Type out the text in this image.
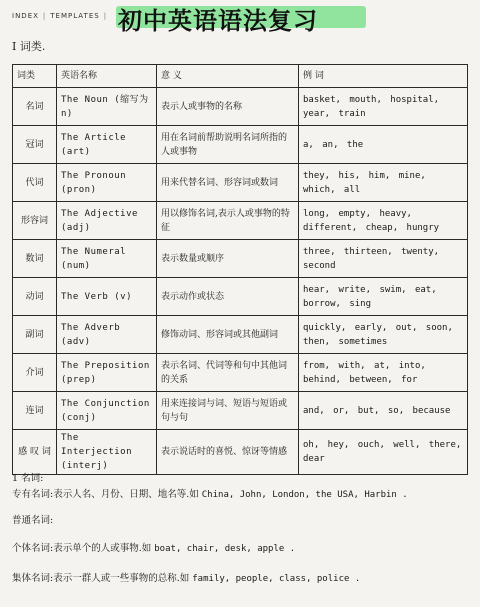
INDEX | TEMPLATES | 初中英语语法复习
I 词类.
词类	英语名称	意 义	例 词
名词	The Noun (缩写为n)	表示人或事物的名称	basket, mouth, hospital, year, train
冠词	The Article (art)	用在名词前帮助说明名词所指的人或事物	a, an, the
代词	The Pronoun (pron)	用来代替名词、形容词或数词	they, his, him, mine, which, all
形容词	The Adjective (adj)	用以修饰名词,表示人或事物的特征	long, empty, heavy, different, cheap, hungry
数词	The Numeral (num)	表示数量或顺序	three, thirteen, twenty, second
动词	The Verb (v)	表示动作或状态	hear, write, swim, eat, borrow, sing
副词	The Adverb (adv)	修饰动词、形容词或其他副词	quickly, early, out, soon, then, sometimes
介词	The Preposition (prep)	表示名词、代词等和句中其他词的关系	from, with, at, into, behind, between, for
连词	The Conjunction (conj)	用来连接词与词、短语与短语或句与句	and, or, but, so, because
感 叹 词	The Interjection (interj)	表示说话时的喜悦、惊讶等情感	oh, hey, ouch, well, there, dear

1 名词:

专有名词:表示人名、月份、日期、地名等.如 China, John, London, the USA, Harbin .

普通名词:

个体名词:表示单个的人或事物.如 boat, chair, desk, apple .

集体名词:表示一群人或一些事物的总称.如 family, people, class, police .
